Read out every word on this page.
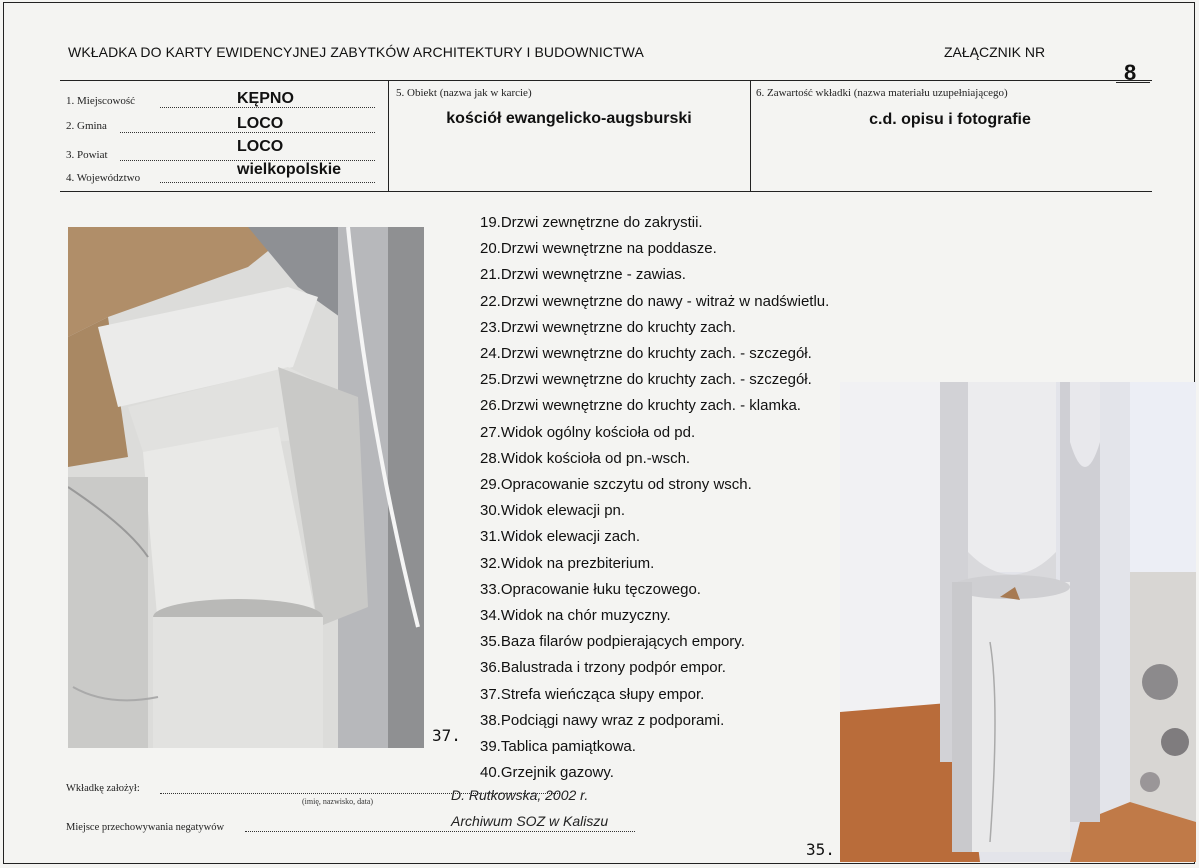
WKŁADKA DO KARTY EWIDENCYJNEJ ZABYTKÓW ARCHITEKTURY I BUDOWNICTWA	ZAŁĄCZNIK NR
8
1. Miejscowość	KĘPNO
2. Gmina	LOCO
3. Powiat	LOCO
4. Województwo	wielkopolskie
5. Obiekt (nazwa jak w karcie)
kościół ewangelicko-augsburski
6. Zawartość wkładki (nazwa materiału uzupełniającego)
c.d. opisu i fotografie
37.
19.Drzwi zewnętrzne do zakrystii.
20.Drzwi wewnętrzne na poddasze.
21.Drzwi wewnętrzne - zawias.
22.Drzwi wewnętrzne do nawy - witraż w nadświetlu.
23.Drzwi wewnętrzne do kruchty zach.
24.Drzwi wewnętrzne do kruchty zach. - szczegół.
25.Drzwi wewnętrzne do kruchty zach. - szczegół.
26.Drzwi wewnętrzne do kruchty zach. - klamka.
27.Widok ogólny kościoła od pd.
28.Widok kościoła od pn.-wsch.
29.Opracowanie szczytu od strony wsch.
30.Widok elewacji pn.
31.Widok elewacji zach.
32.Widok na prezbiterium.
33.Opracowanie łuku tęczowego.
34.Widok na chór muzyczny.
35.Baza filarów podpierających empory.
36.Balustrada i trzony podpór empor.
37.Strefa wieńcząca słupy empor.
38.Podciągi nawy wraz z podporami.
39.Tablica pamiątkowa.
40.Grzejnik gazowy.
35.
Wkładkę założył:
(imię, nazwisko, data)	D. Rutkowska, 2002 r.
Miejsce przechowywania negatywów	Archiwum SOZ w Kaliszu
